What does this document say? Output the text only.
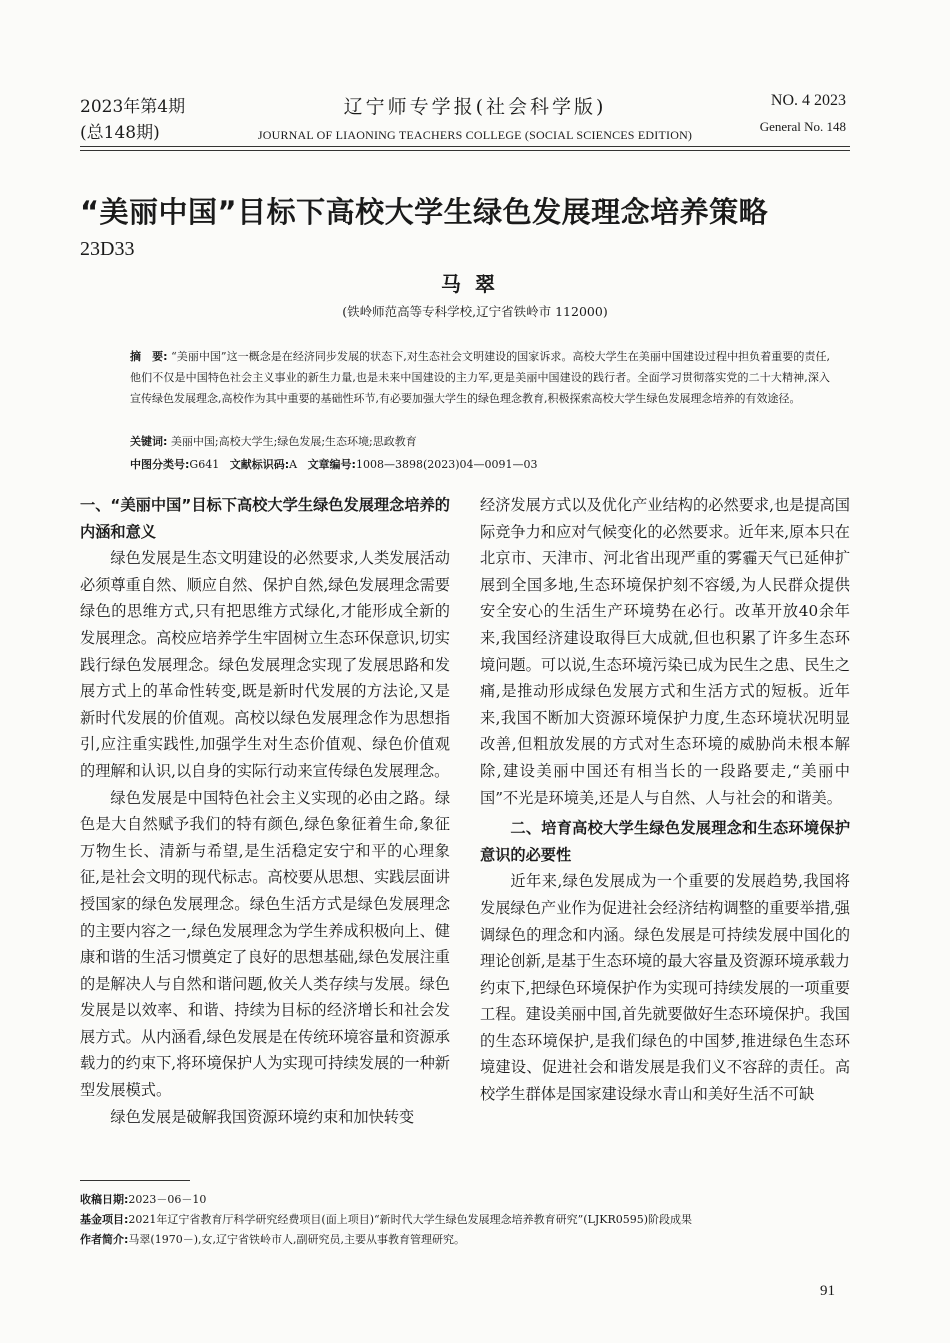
2023年第4期
(总148期)
辽宁师专学报(社会科学版)
JOURNAL OF LIAONING TEACHERS COLLEGE (SOCIAL SCIENCES EDITION)
NO. 4 2023
General No. 148
“美丽中国”目标下高校大学生绿色发展理念培养策略
23D33
马翠
(铁岭师范高等专科学校,辽宁省铁岭市 112000)
摘　要: “美丽中国”这一概念是在经济同步发展的状态下,对生态社会文明建设的国家诉求。高校大学生在美丽中国建设过程中担负着重要的责任,他们不仅是中国特色社会主义事业的新生力量,也是未来中国建设的主力军,更是美丽中国建设的践行者。全面学习贯彻落实党的二十大精神,深入宣传绿色发展理念,高校作为其中重要的基础性环节,有必要加强大学生的绿色理念教育,积极探索高校大学生绿色发展理念培养的有效途径。
关键词: 美丽中国;高校大学生;绿色发展;生态环境;思政教育
中图分类号:G641 文献标识码:A 文章编号:1008—3898(2023)04—0091—03
一、“美丽中国”目标下高校大学生绿色发展理念培养的内涵和意义

绿色发展是生态文明建设的必然要求,人类发展活动必须尊重自然、顺应自然、保护自然,绿色发展理念需要绿色的思维方式,只有把思维方式绿化,才能形成全新的发展理念。高校应培养学生牢固树立生态环保意识,切实践行绿色发展理念。绿色发展理念实现了发展思路和发展方式上的革命性转变,既是新时代发展的方法论,又是新时代发展的价值观。高校以绿色发展理念作为思想指引,应注重实践性,加强学生对生态价值观、绿色价值观的理解和认识,以自身的实际行动来宣传绿色发展理念。

绿色发展是中国特色社会主义实现的必由之路。绿色是大自然赋予我们的特有颜色,绿色象征着生命,象征万物生长、清新与希望,是生活稳定安宁和平的心理象征,是社会文明的现代标志。高校要从思想、实践层面讲授国家的绿色发展理念。绿色生活方式是绿色发展理念的主要内容之一,绿色发展理念为学生养成积极向上、健康和谐的生活习惯奠定了良好的思想基础,绿色发展注重的是解决人与自然和谐问题,攸关人类存续与发展。绿色发展是以效率、和谐、持续为目标的经济增长和社会发展方式。从内涵看,绿色发展是在传统环境容量和资源承载力的约束下,将环境保护人为实现可持续发展的一种新型发展模式。

绿色发展是破解我国资源环境约束和加快转变

经济发展方式以及优化产业结构的必然要求,也是提高国际竞争力和应对气候变化的必然要求。近年来,原本只在北京市、天津市、河北省出现严重的雾霾天气已延伸扩展到全国多地,生态环境保护刻不容缓,为人民群众提供安全安心的生活生产环境势在必行。改革开放40余年来,我国经济建设取得巨大成就,但也积累了许多生态环境问题。可以说,生态环境污染已成为民生之患、民生之痛,是推动形成绿色发展方式和生活方式的短板。近年来,我国不断加大资源环境保护力度,生态环境状况明显改善,但粗放发展的方式对生态环境的威胁尚未根本解除,建设美丽中国还有相当长的一段路要走,“美丽中国”不光是环境美,还是人与自然、人与社会的和谐美。

二、培育高校大学生绿色发展理念和生态环境保护意识的必要性

近年来,绿色发展成为一个重要的发展趋势,我国将发展绿色产业作为促进社会经济结构调整的重要举措,强调绿色的理念和内涵。绿色发展是可持续发展中国化的理论创新,是基于生态环境的最大容量及资源环境承载力约束下,把绿色环境保护作为实现可持续发展的一项重要工程。建设美丽中国,首先就要做好生态环境保护。我国的生态环境保护,是我们绿色的中国梦,推进绿色生态环境建设、促进社会和谐发展是我们义不容辞的责任。高校学生群体是国家建设绿水青山和美好生活不可缺

收稿日期:2023－06－10
基金项目:2021年辽宁省教育厅科学研究经费项目(面上项目)“新时代大学生绿色发展理念培养教育研究”(LJKR0595)阶段成果
作者简介:马翠(1970－),女,辽宁省铁岭市人,副研究员,主要从事教育管理研究。
91
